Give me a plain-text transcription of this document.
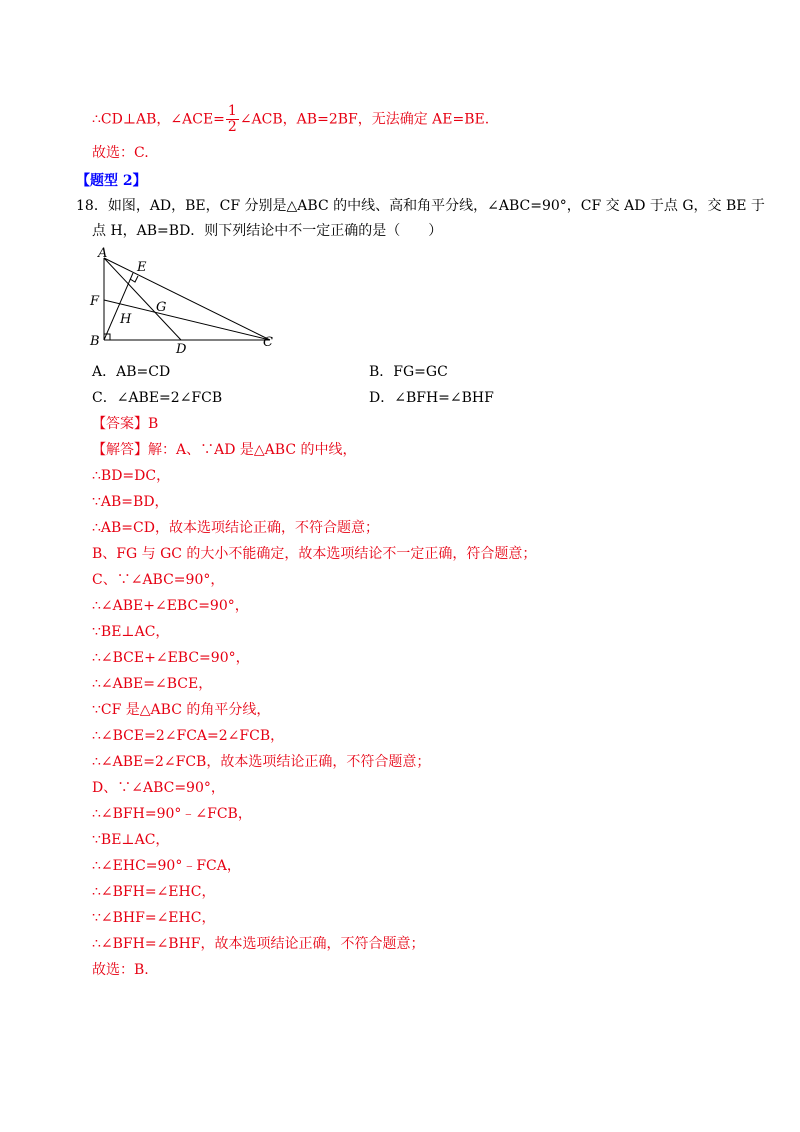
∴CD⊥AB，∠ACE= $\frac{1}{2}$ ∠ACB，AB=2BF，无法确定 AE=BE.
故选：C.
【题型 2】
18．如图，AD，BE，CF 分别是△ABC 的中线、高和角平分线，∠ABC=90°，CF 交 AD 于点 G，交 BE 于
点 H，AB=BD．则下列结论中不一定正确的是（　　）
A
E
F	G
H
B
D	C
A．AB=CD	B．FG=GC
C．∠ABE=2∠FCB	D．∠BFH=∠BHF
【答案】B
【解答】解：A、∵AD 是△ABC 的中线，
∴BD=DC，
∵AB=BD，
∴AB=CD，故本选项结论正确，不符合题意；
B、FG 与 GC 的大小不能确定，故本选项结论不一定正确，符合题意；
C、∵∠ABC=90°，
∴∠ABE+∠EBC=90°，
∵BE⊥AC，
∴∠BCE+∠EBC=90°，
∴∠ABE=∠BCE，
∵CF 是△ABC 的角平分线，
∴∠BCE=2∠FCA=2∠FCB，
∴∠ABE=2∠FCB，故本选项结论正确，不符合题意；
D、∵∠ABC=90°，
∴∠BFH=90°﹣∠FCB，
∵BE⊥AC，
∴∠EHC=90°﹣FCA，
∴∠BFH=∠EHC，
∵∠BHF=∠EHC，
∴∠BFH=∠BHF，故本选项结论正确，不符合题意；
故选：B.
